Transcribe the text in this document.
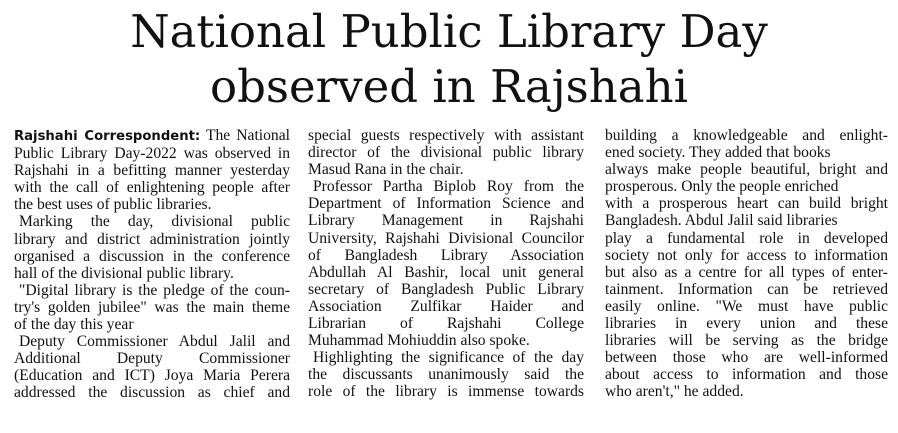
National Public Library Day
observed in Rajshahi

Rajshahi Correspondent: The National
Public Library Day-2022 was observed in
Rajshahi in a befitting manner yesterday
with the call of enlightening people after
the best uses of public libraries.

Marking the day, divisional public
library and district administration jointly
organised a discussion in the conference
hall of the divisional public library.

"Digital library is the pledge of the coun-
try's golden jubilee" was the main theme
of the day this year

Deputy Commissioner Abdul Jalil and
Additional Deputy Commissioner
(Education and ICT) Joya Maria Perera
addressed the discussion as chief and

special guests respectively with assistant
director of the divisional public library
Masud Rana in the chair.

Professor Partha Biplob Roy from the
Department of Information Science and
Library Management in Rajshahi
University, Rajshahi Divisional Councilor
of Bangladesh Library Association
Abdullah Al Bashir, local unit general
secretary of Bangladesh Public Library
Association Zulfikar Haider and
Librarian of Rajshahi College
Muhammad Mohiuddin also spoke.

Highlighting the significance of the day
the discussants unanimously said the
role of the library is immense towards

building a knowledgeable and enlight-
ened society. They added that books
always make people beautiful, bright and
prosperous. Only the people enriched
with a prosperous heart can build bright
Bangladesh. Abdul Jalil said libraries
play a fundamental role in developed
society not only for access to information
but also as a centre for all types of enter-
tainment. Information can be retrieved
easily online. "We must have public
libraries in every union and these
libraries will be serving as the bridge
between those who are well-informed
about access to information and those
who aren't," he added.
